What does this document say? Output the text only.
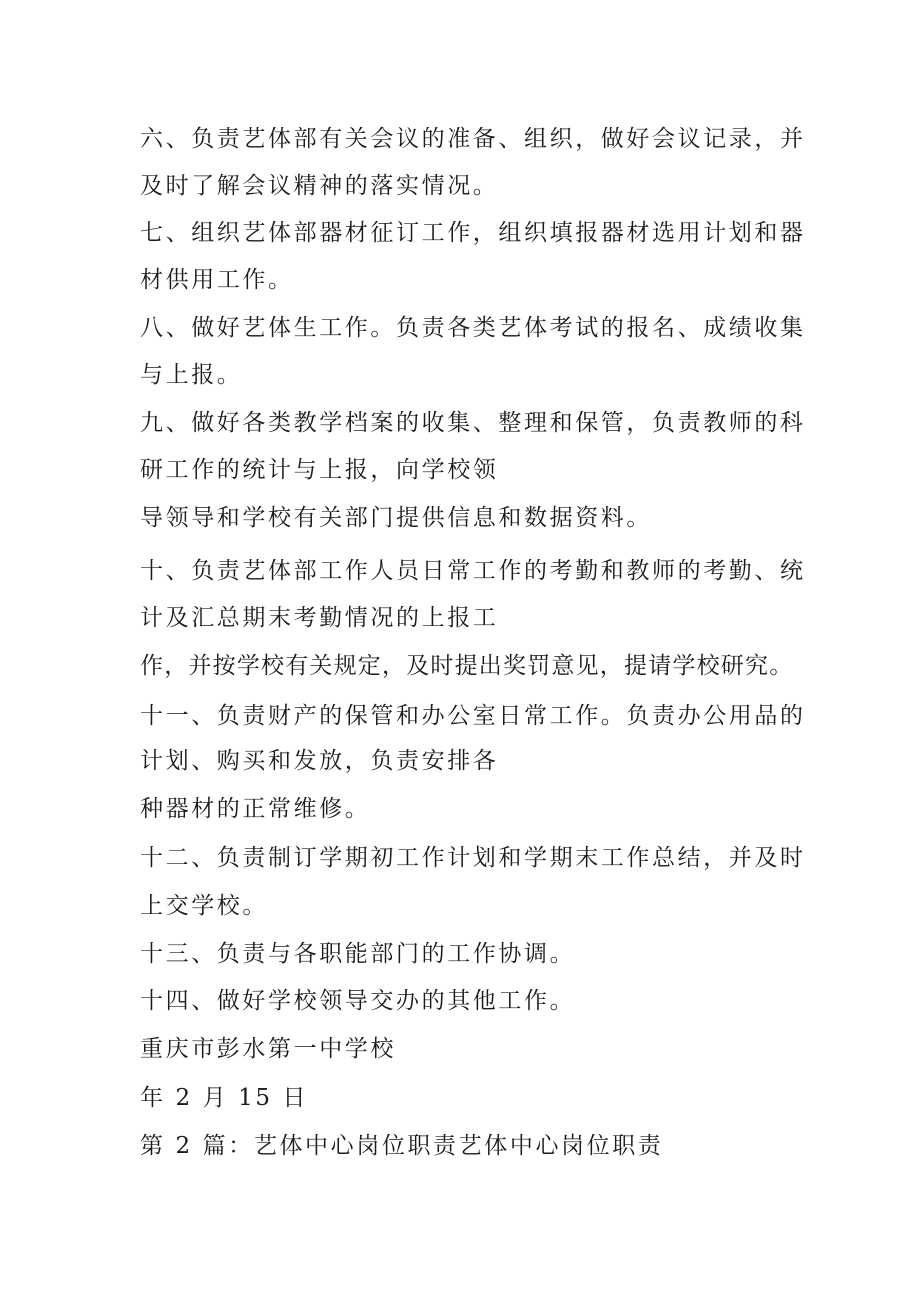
六、负责艺体部有关会议的准备、组织，做好会议记录，并

及时了解会议精神的落实情况。

七、组织艺体部器材征订工作，组织填报器材选用计划和器

材供用工作。

八、做好艺体生工作。负责各类艺体考试的报名、成绩收集

与上报。

九、做好各类教学档案的收集、整理和保管，负责教师的科

研工作的统计与上报，向学校领

导领导和学校有关部门提供信息和数据资料。

十、负责艺体部工作人员日常工作的考勤和教师的考勤、统

计及汇总期末考勤情况的上报工

作，并按学校有关规定，及时提出奖罚意见，提请学校研究。

十一、负责财产的保管和办公室日常工作。负责办公用品的

计划、购买和发放，负责安排各

种器材的正常维修。

十二、负责制订学期初工作计划和学期末工作总结，并及时

上交学校。

十三、负责与各职能部门的工作协调。

十四、做好学校领导交办的其他工作。

重庆市彭水第一中学校

年 2 月 15 日

第 2 篇：艺体中心岗位职责艺体中心岗位职责
